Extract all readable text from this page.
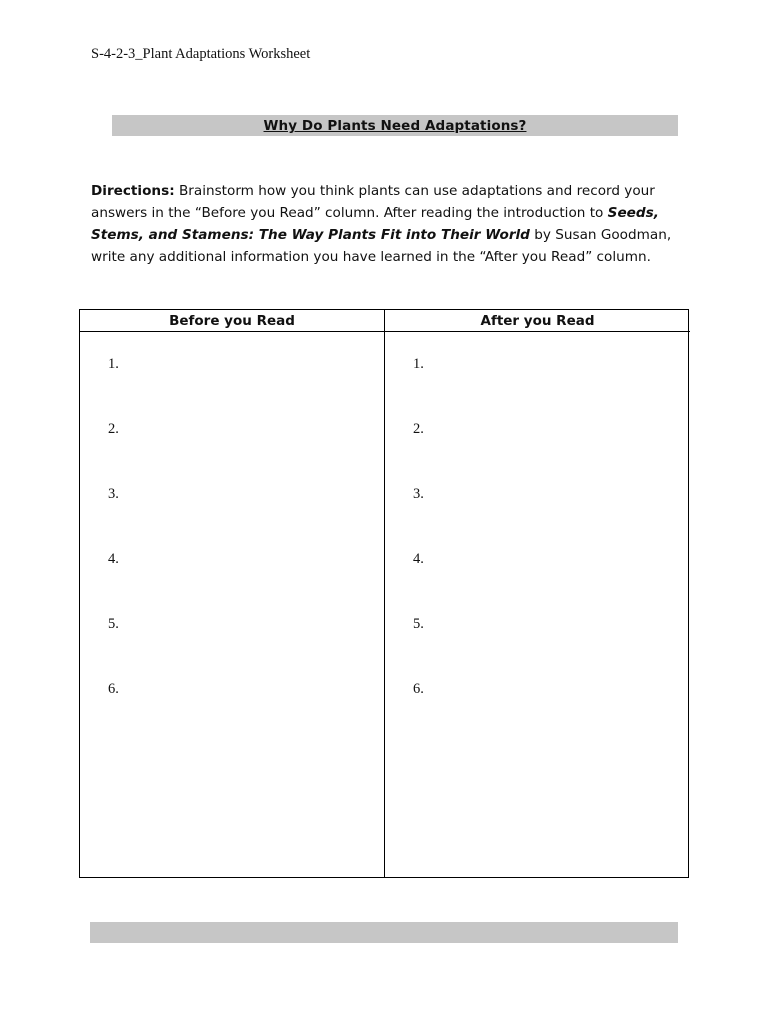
S-4-2-3_Plant Adaptations Worksheet
Why Do Plants Need Adaptations?
Directions: Brainstorm how you think plants can use adaptations and record your answers in the “Before you Read” column. After reading the introduction to Seeds, Stems, and Stamens: The Way Plants Fit into Their World by Susan Goodman, write any additional information you have learned in the “After you Read” column.
Before you Read
1.
2.
3.
4.
5.
6.
After you Read
1.
2.
3.
4.
5.
6.
